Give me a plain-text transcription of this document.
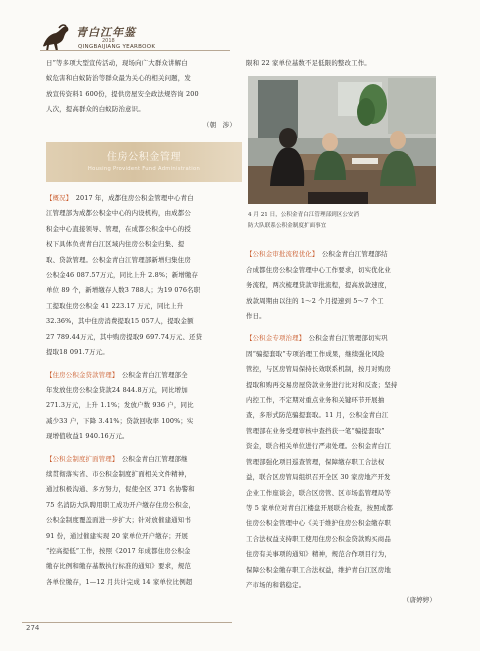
青白江年鉴
2018
QINGBAIJIANG YEARBOOK

日”等多项大型宣传活动，现场向广大群众讲解白

蚁危害和白蚁防治等群众最为关心的相关问题，发

放宣传资料1 600份，提供房屋安全政法规咨询 200

人次，提高群众的白蚁防治意识。

（朝　涉）

【概况】　2017 年，成都住房公积金管理中心青白

江管理部为成都公积金中心的内设机构，由成都公

积金中心直接领导、管理，在成都公积金中心的授

权下具体负责青白江区域内住房公积金归集、提

取、贷款管理。公积金青白江管理部新增归集住房

公积金46 087.57万元，同比上升 2.8%；新增缴存

单位 89 个，新增缴存人数3 788人；为19 076名职

工提取住房公积金 41 223.17 万元，同比上升

32.36%，其中住房消费提取15 057人，提取金额

27 789.44万元，其中购房提取9 697.74万元、还贷

提取18 091.7万元。

【住房公积金贷款管理】　公积金青白江管理部全

年发放住房公积金贷款24 844.8万元，同比增加

271.3万元，上升 1.1%；发放户数 936 户，同比

减少33 户，下降 3.41%；贷款回收率 100%；实

现增值收益1 940.16万元。

【公积金制度扩面管理】　公积金青白江管理部继

续贯彻落实省、市公积金制度扩面相关文件精神，

通过积极沟通、多方努力，促使全区 371 名协警和

75 名消防大队聘用职工成功开户缴存住房公积金，

公积金制度覆盖面进一步扩大；针对放催建通知书

91 份，通过催建实现 20 家单位开户缴存；开展

“控高提低”工作，按照《2017 年成都住房公积金

缴存比例和缴存基数执行标准的通知》要求，规范

各单位缴存，1—12 月共计完成 14 家单位比例超

住房公积金管理
Housing Provident Fund Administration

限和 22 家单位基数不足低限的整改工作。

【公积金审批流程优化】　公积金青白江管理部结

合成都住房公积金管理中心工作要求，切实优化业

务流程，两次梳理贷款审批流程，提高放款速度，

放款周期由以往的 1～2 个月提速到 5～7 个工

作日。

【公积金专项治理】　公积金青白江管理部切实巩

固“骗提套取”专项治理工作成果，继续强化风险

管控，与区房管局保持长效联系机制，按月对购房

提取和购再交易房屋贷款业务进行比对和反查；坚持

内控工作，不定期对重点业务和关键环节开展抽

查，多形式防范骗提套取。11 月，公积金青白江

管理部在业务受理审核中查挡获一笔“骗提套取”

资金，联合相关单位进行严肃处理。公积金青白江

管理部强化项目巡查管理，保障缴存职工合法权

益，联合区房管局组织召开全区 30 家房地产开发

企业工作座谈会，联合区房管、区市场监管理局等

等 5 家单位对青白江楼盘开展联合检查，按照成都

住房公积金管理中心《关于维护住房公积金缴存职

工合法权益支持职工使用住房公积金贷款购买商品

住房有关事项的通知》精神，规范合作项目行为，

保障公积金缴存职工合法权益，维护青白江区房地

产市场的和谐稳定。

（唐婷婷）

4 月 21 日，公积金青白江管理部到区公安消

防大队联系公积金制度扩面事宜

274
